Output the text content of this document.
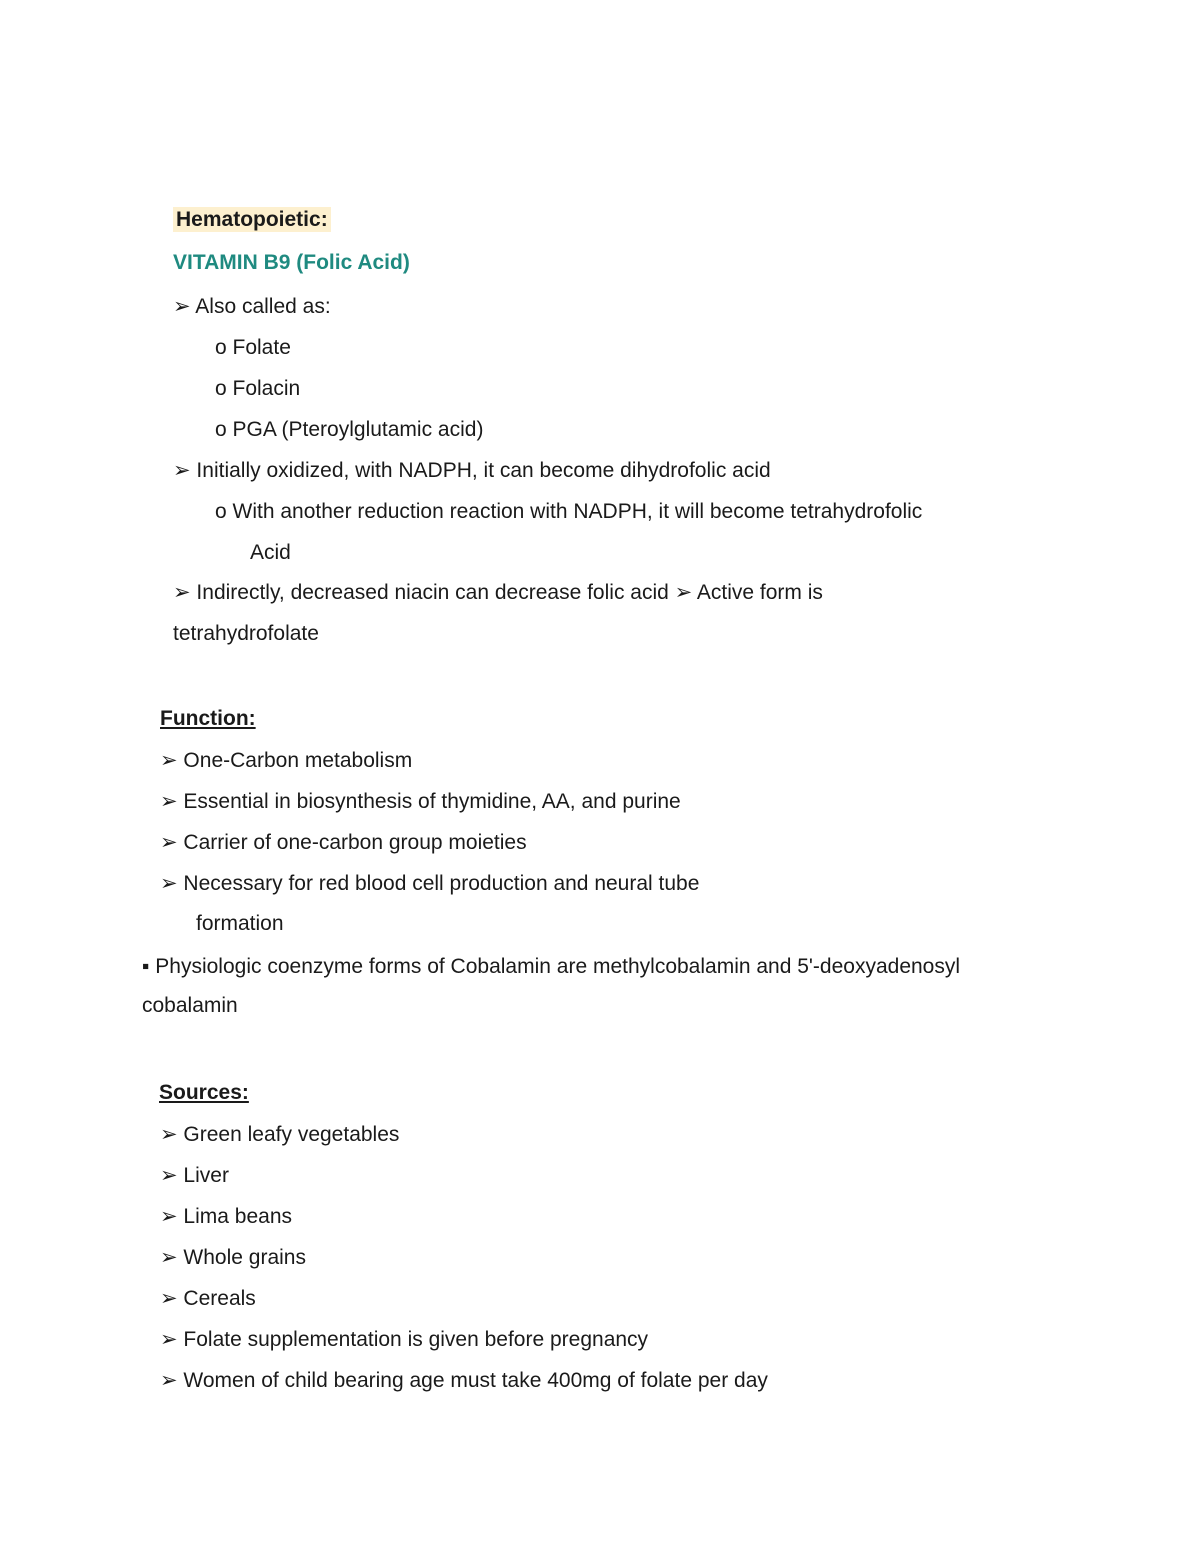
Hematopoietic:
VITAMIN B9 (Folic Acid)
➢ Also called as:
o Folate
o Folacin
o PGA (Pteroylglutamic acid)
➢ Initially oxidized, with NADPH, it can become dihydrofolic acid
o With another reduction reaction with NADPH, it will become tetrahydrofolic
Acid
➢ Indirectly, decreased niacin can decrease folic acid ➢ Active form is
tetrahydrofolate
Function:
➢ One-Carbon metabolism
➢ Essential in biosynthesis of thymidine, AA, and purine
➢ Carrier of one-carbon group moieties
➢ Necessary for red blood cell production and neural tube
formation
▪ Physiologic coenzyme forms of Cobalamin are methylcobalamin and 5'-deoxyadenosyl
cobalamin
Sources:
➢ Green leafy vegetables
➢ Liver
➢ Lima beans
➢ Whole grains
➢ Cereals
➢ Folate supplementation is given before pregnancy
➢ Women of child bearing age must take 400mg of folate per day
